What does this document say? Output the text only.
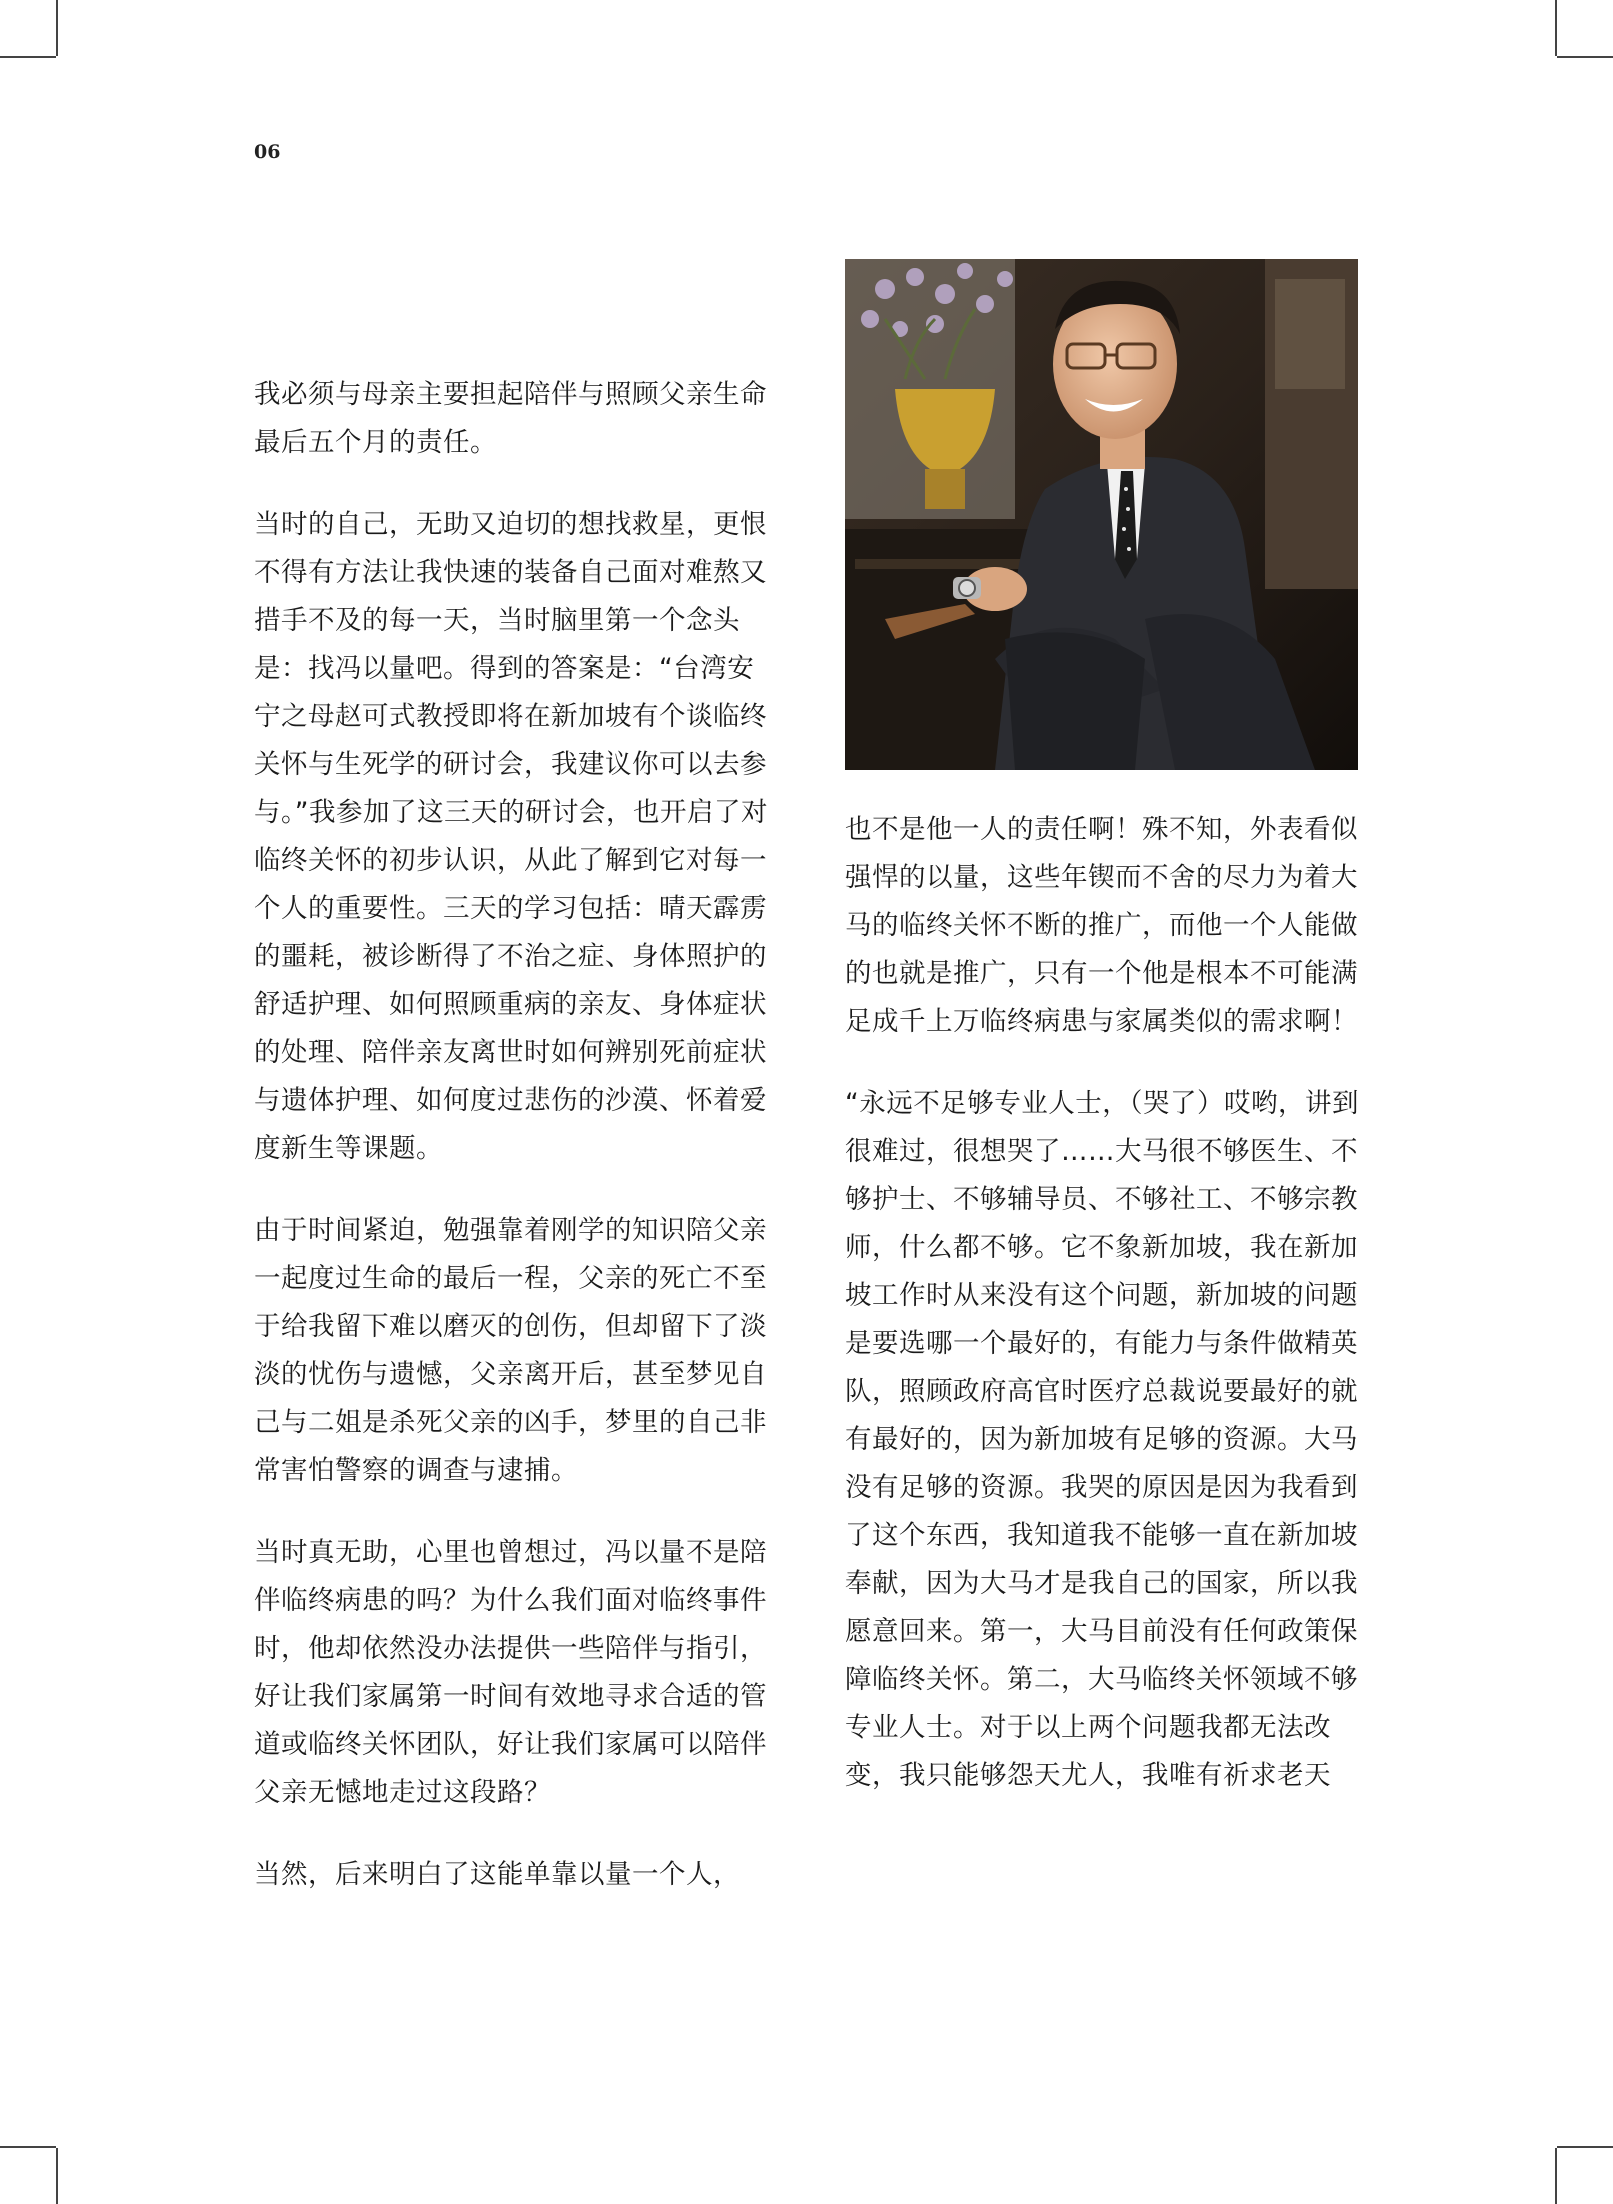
06

我必须与母亲主要担起陪伴与照顾父亲生命最后五个月的责任。

当时的自己，无助又迫切的想找救星，更恨不得有方法让我快速的装备自己面对难熬又措手不及的每一天，当时脑里第一个念头是：找冯以量吧。得到的答案是：“台湾安宁之母赵可式教授即将在新加坡有个谈临终关怀与生死学的研讨会，我建议你可以去参与。”我参加了这三天的研讨会，也开启了对临终关怀的初步认识，从此了解到它对每一个人的重要性。三天的学习包括：晴天霹雳的噩耗，被诊断得了不治之症、身体照护的舒适护理、如何照顾重病的亲友、身体症状的处理、陪伴亲友离世时如何辨别死前症状与遗体护理、如何度过悲伤的沙漠、怀着爱度新生等课题。

由于时间紧迫，勉强靠着刚学的知识陪父亲一起度过生命的最后一程，父亲的死亡不至于给我留下难以磨灭的创伤，但却留下了淡淡的忧伤与遗憾，父亲离开后，甚至梦见自己与二姐是杀死父亲的凶手，梦里的自己非常害怕警察的调查与逮捕。

当时真无助，心里也曾想过，冯以量不是陪伴临终病患的吗？为什么我们面对临终事件时，他却依然没办法提供一些陪伴与指引，好让我们家属第一时间有效地寻求合适的管道或临终关怀团队，好让我们家属可以陪伴父亲无憾地走过这段路？

当然，后来明白了这能单靠以量一个人，

也不是他一人的责任啊！殊不知，外表看似强悍的以量，这些年锲而不舍的尽力为着大马的临终关怀不断的推广，而他一个人能做的也就是推广，只有一个他是根本不可能满足成千上万临终病患与家属类似的需求啊！

“永远不足够专业人士，（哭了）哎哟，讲到很难过，很想哭了……大马很不够医生、不够护士、不够辅导员、不够社工、不够宗教师，什么都不够。它不象新加坡，我在新加坡工作时从来没有这个问题，新加坡的问题是要选哪一个最好的，有能力与条件做精英队，照顾政府高官时医疗总裁说要最好的就有最好的，因为新加坡有足够的资源。大马没有足够的资源。我哭的原因是因为我看到了这个东西，我知道我不能够一直在新加坡奉献，因为大马才是我自己的国家，所以我愿意回来。第一，大马目前没有任何政策保障临终关怀。第二，大马临终关怀领域不够专业人士。对于以上两个问题我都无法改变，我只能够怨天尤人，我唯有祈求老天
